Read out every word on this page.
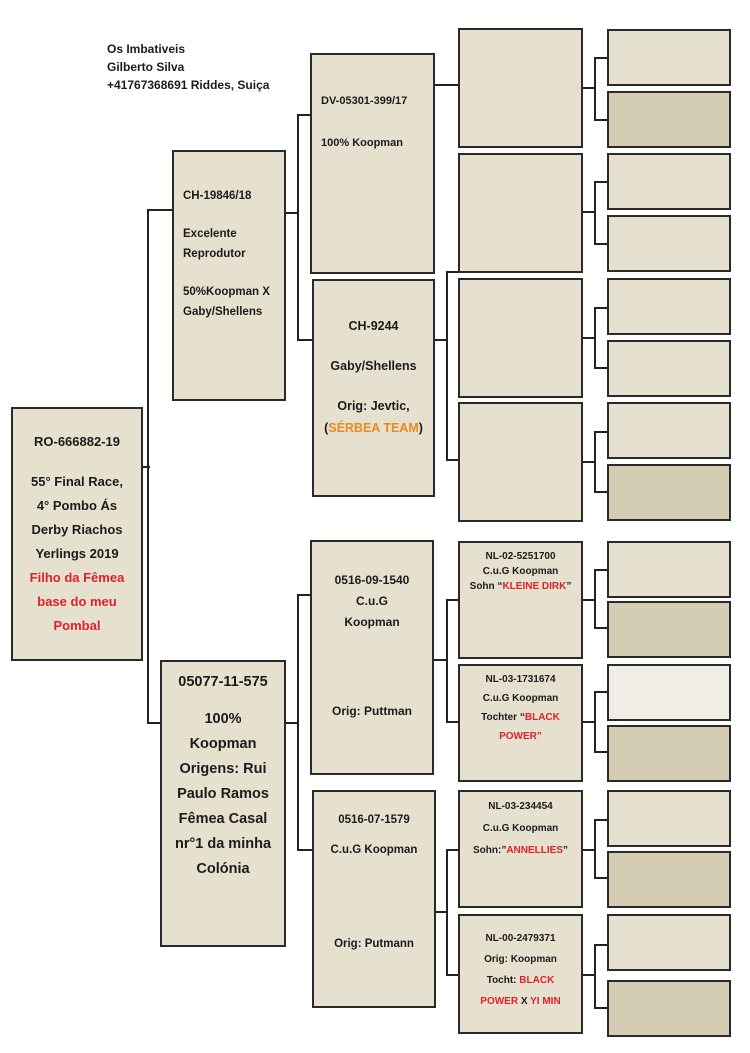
Os Imbativeis
Gilberto Silva
+41767368691 Riddes, Suiça
RO-666882-19
55° Final Race,
4° Pombo Ás
Derby Riachos
Yerlings 2019
Filho da Fêmea
base do meu
Pombal
CH-19846/18
Excelente
Reprodutor
50%Koopman X
Gaby/Shellens
05077-11-575
100%
Koopman
Origens: Rui
Paulo Ramos
Fêmea Casal
nr°1 da minha
Colónia
DV-05301-399/17
100% Koopman
CH-9244
Gaby/Shellens
Orig: Jevtic,
(SÉRBEA TEAM)
0516-09-1540
C.u.G
Koopman
Orig: Puttman
0516-07-1579
C.u.G Koopman
Orig: Putmann
NL-02-5251700
C.u.G Koopman
Sohn “KLEINE DIRK”
NL-03-1731674
C.u.G Koopman
Tochter “BLACK
POWER”
NL-03-234454
C.u.G Koopman
Sohn:”ANNELLIES”
NL-00-2479371
Orig: Koopman
Tocht: BLACK
POWER X YI MIN
